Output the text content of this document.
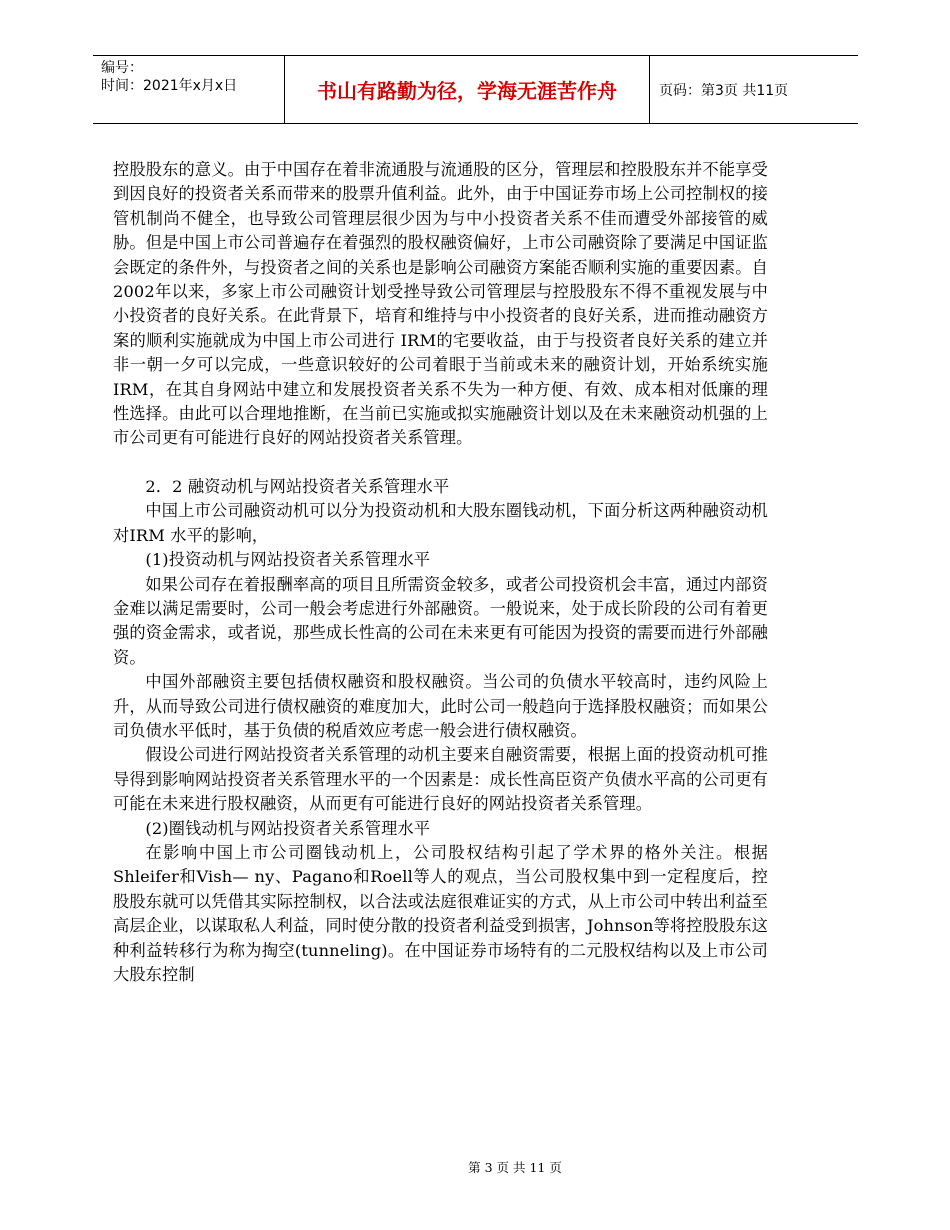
编号：
时间：2021年x月x日	书山有路勤为径，学海无涯苦作舟	页码：第3页 共11页

控股股东的意义。由于中国存在着非流通股与流通股的区分，管理层和控股股东并不能享受到因良好的投资者关系而带来的股票升值利益。此外，由于中国证券市场上公司控制权的接管机制尚不健全，也导致公司管理层很少因为与中小投资者关系不佳而遭受外部接管的威胁。但是中国上市公司普遍存在着强烈的股权融资偏好，上市公司融资除了要满足中国证监会既定的条件外，与投资者之间的关系也是影响公司融资方案能否顺利实施的重要因素。自2002年以来，多家上市公司融资计划受挫导致公司管理层与控股股东不得不重视发展与中小投资者的良好关系。在此背景下，培育和维持与中小投资者的良好关系，进而推动融资方案的顺利实施就成为中国上市公司进行 IRM的宅要收益，由于与投资者良好关系的建立并非一朝一夕可以完成，一些意识较好的公司着眼于当前或未来的融资计划，开始系统实施IRM，在其自身网站中建立和发展投资者关系不失为一种方便、有效、成本相对低廉的理性选择。由此可以合理地推断，在当前已实施或拟实施融资计划以及在未来融资动机强的上市公司更有可能进行良好的网站投资者关系管理。

2．2 融资动机与网站投资者关系管理水平

中国上市公司融资动机可以分为投资动机和大股东圈钱动机，下面分析这两种融资动机对IRM 水平的影响，

(1)投资动机与网站投资者关系管理水平

如果公司存在着报酬率高的项目且所需资金较多，或者公司投资机会丰富，通过内部资金难以满足需要时，公司一般会考虑进行外部融资。一般说来，处于成长阶段的公司有着更强的资金需求，或者说，那些成长性高的公司在未来更有可能因为投资的需要而进行外部融资。

中国外部融资主要包括债权融资和股权融资。当公司的负债水平较高时，违约风险上升，从而导致公司进行债权融资的难度加大，此时公司一般趋向于选择股权融资；而如果公司负债水平低时，基于负债的税盾效应考虑一般会进行债权融资。

假设公司进行网站投资者关系管理的动机主要来自融资需要，根据上面的投资动机可推导得到影响网站投资者关系管理水平的一个因素是：成长性高臣资产负债水平高的公司更有可能在未来进行股权融资，从而更有可能进行良好的网站投资者关系管理。

(2)圈钱动机与网站投资者关系管理水平

在影响中国上市公司圈钱动机上，公司股权结构引起了学术界的格外关注。根据Shleifer和Vish— ny、Pagano和Roell等人的观点，当公司股权集中到一定程度后，控股股东就可以凭借其实际控制权，以合法或法庭很难证实的方式，从上市公司中转出利益至高层企业，以谋取私人利益，同时使分散的投资者利益受到损害，Johnson等将控股股东这种利益转移行为称为掏空(tunneling)。在中国证券市场特有的二元股权结构以及上市公司大股东控制

第 3 页 共 11 页
